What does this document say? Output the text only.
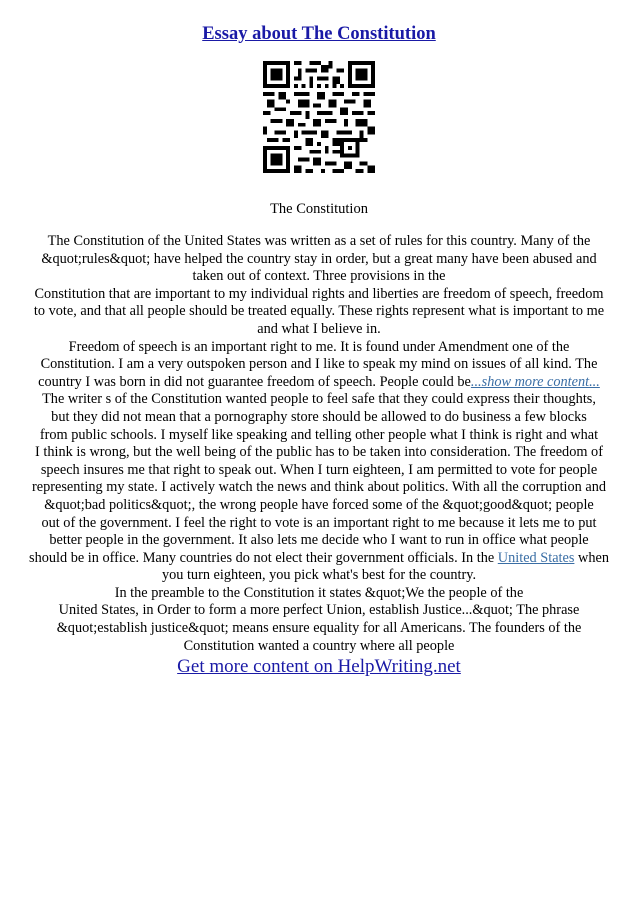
Essay about The Constitution
The Constitution
The Constitution of the United States was written as a set of rules for this country. Many of the
&quot;rules&quot; have helped the country stay in order, but a great many have been abused and
taken out of context. Three provisions in the
Constitution that are important to my individual rights and liberties are freedom of speech, freedom
to vote, and that all people should be treated equally. These rights represent what is important to me
and what I believe in.
Freedom of speech is an important right to me. It is found under Amendment one of the
Constitution. I am a very outspoken person and I like to speak my mind on issues of all kind. The
country I was born in did not guarantee freedom of speech. People could be...show more content...
The writer s of the Constitution wanted people to feel safe that they could express their thoughts,
but they did not mean that a pornography store should be allowed to do business a few blocks
from public schools. I myself like speaking and telling other people what I think is right and what
I think is wrong, but the well being of the public has to be taken into consideration. The freedom of
speech insures me that right to speak out. When I turn eighteen, I am permitted to vote for people
representing my state. I actively watch the news and think about politics. With all the corruption and
&quot;bad politics&quot;, the wrong people have forced some of the &quot;good&quot; people
out of the government. I feel the right to vote is an important right to me because it lets me to put
better people in the government. It also lets me decide who I want to run in office what people
should be in office. Many countries do not elect their government officials. In the United States when
you turn eighteen, you pick what's best for the country.
In the preamble to the Constitution it states &quot;We the people of the
United States, in Order to form a more perfect Union, establish Justice...&quot; The phrase
&quot;establish justice&quot; means ensure equality for all Americans. The founders of the
Constitution wanted a country where all people
Get more content on HelpWriting.net
